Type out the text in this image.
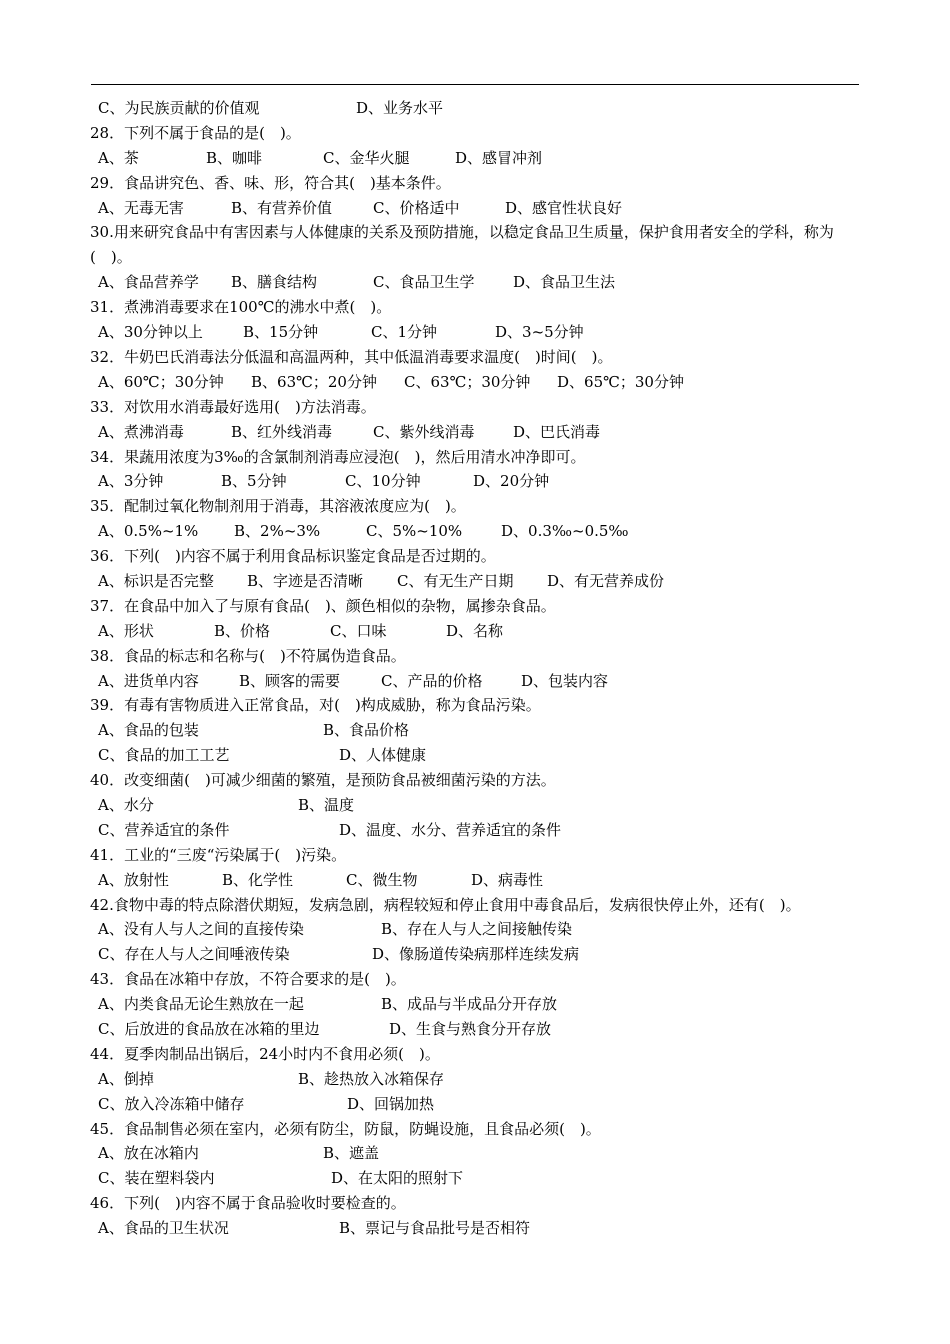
C、为民族贡献的价值观	D、业务水平
28．下列不属于食品的是(　)。
A、茶	B、咖啡	C、金华火腿	D、感冒冲剂
29．食品讲究色、香、味、形，符合其(　)基本条件。
A、无毒无害	B、有营养价值	C、价格适中	D、感官性状良好
30.用来研究食品中有害因素与人体健康的关系及预防措施，以稳定食品卫生质量，保护食用者安全的学科，称为(　)。
A、食品营养学 B、膳食结构	C、食品卫生学	D、食品卫生法
31．煮沸消毒要求在100℃的沸水中煮(　)。
A、30分钟以上	B、15分钟	C、1分钟	D、3~5分钟
32．牛奶巴氏消毒法分低温和高温两种，其中低温消毒要求温度(　)时间(　)。
A、60℃；30分钟 B、63℃；20分钟 C、63℃；30分钟 D、65℃；30分钟
33．对饮用水消毒最好选用(　)方法消毒。
A、煮沸消毒	B、红外线消毒	C、紫外线消毒	D、巴氏消毒
34．果蔬用浓度为3‰的含氯制剂消毒应浸泡(　)，然后用清水冲净即可。
A、3分钟	B、5分钟	C、10分钟	D、20分钟
35．配制过氧化物制剂用于消毒，其溶液浓度应为(　)。
A、0.5%~1% B、2%~3%	C、5%~10%	D、0.3‰~0.5‰
36．下列(　)内容不属于利用食品标识鉴定食品是否过期的。
A、标识是否完整 B、字迹是否清晰 C、有无生产日期 D、有无营养成份
37．在食品中加入了与原有食品(　)、颜色相似的杂物，属掺杂食品。
A、形状	B、价格	C、口味	D、名称
38．食品的标志和名称与(　)不符属伪造食品。
A、进货单内容	B、顾客的需要	C、产品的价格	D、包装内容
39．有毒有害物质进入正常食品，对(　)构成威胁，称为食品污染。
A、食品的包装	B、食品价格
C、食品的加工工艺	D、人体健康
40．改变细菌(　)可减少细菌的繁殖，是预防食品被细菌污染的方法。
A、水分	B、温度
C、营养适宜的条件	D、温度、水分、营养适宜的条件
41．工业的“三废“污染属于(　)污染。
A、放射性	B、化学性	C、微生物	D、病毒性
42.食物中毒的特点除潜伏期短，发病急剧，病程较短和停止食用中毒食品后，发病很快停止外，还有(　)。
A、没有人与人之间的直接传染	B、存在人与人之间接触传染
C、存在人与人之间唾液传染	D、像肠道传染病那样连续发病
43．食品在冰箱中存放，不符合要求的是(　)。
A、内类食品无论生熟放在一起	B、成品与半成品分开存放
C、后放进的食品放在冰箱的里边	D、生食与熟食分开存放
44．夏季肉制品出锅后，24小时内不食用必须(　)。
A、倒掉	B、趁热放入冰箱保存
C、放入冷冻箱中储存	D、回锅加热
45．食品制售必须在室内，必须有防尘，防鼠，防蝇设施，且食品必须(　)。
A、放在冰箱内	B、遮盖
C、装在塑料袋内	D、在太阳的照射下
46．下列(　)内容不属于食品验收时要检查的。
A、食品的卫生状况	B、票记与食品批号是否相符
